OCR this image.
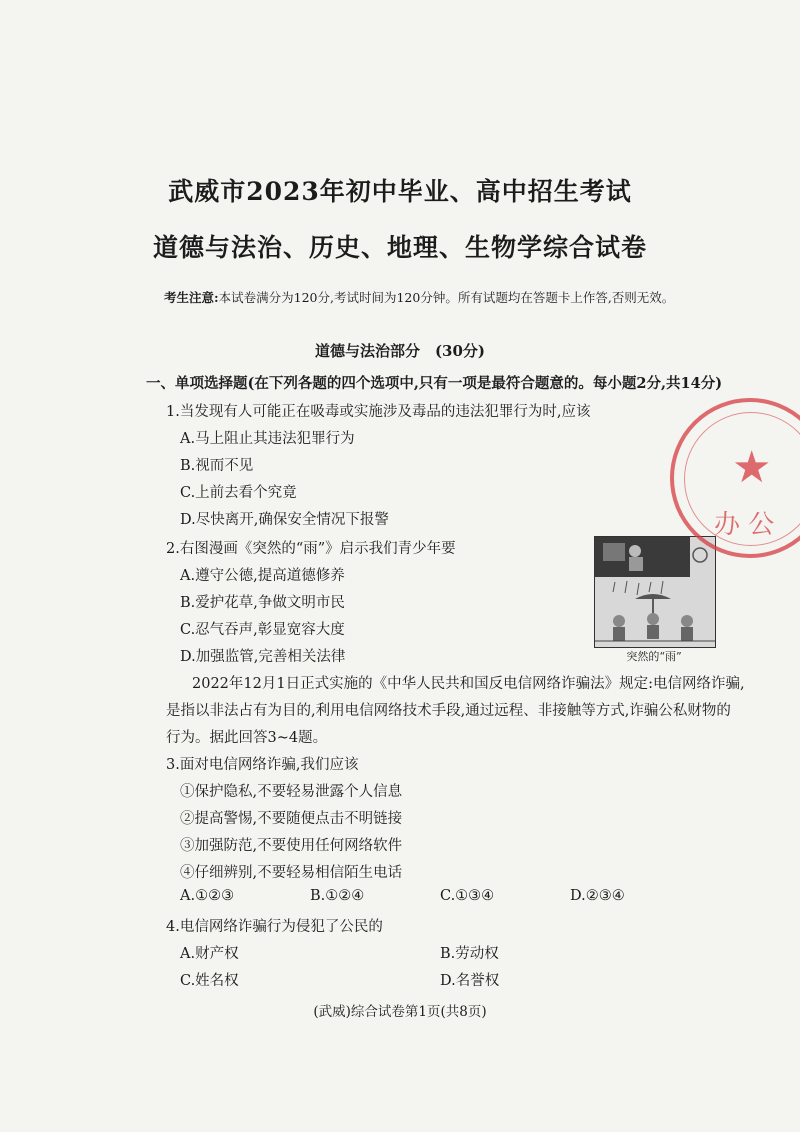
武威市2023年初中毕业、高中招生考试
道德与法治、历史、地理、生物学综合试卷
考生注意:本试卷满分为120分,考试时间为120分钟。所有试题均在答题卡上作答,否则无效。
道德与法治部分　(30分)
一、单项选择题(在下列各题的四个选项中,只有一项是最符合题意的。每小题2分,共14分)
1.当发现有人可能正在吸毒或实施涉及毒品的违法犯罪行为时,应该
A.马上阻止其违法犯罪行为
B.视而不见
C.上前去看个究竟
D.尽快离开,确保安全情况下报警
2.右图漫画《突然的“雨”》启示我们青少年要
A.遵守公德,提高道德修养
B.爱护花草,争做文明市民
C.忍气吞声,彰显宽容大度
D.加强监管,完善相关法律	突然的“雨”
2022年12月1日正式实施的《中华人民共和国反电信网络诈骗法》规定:电信网络诈骗,
是指以非法占有为目的,利用电信网络技术手段,通过远程、非接触等方式,诈骗公私财物的
行为。据此回答3~4题。
3.面对电信网络诈骗,我们应该
①保护隐私,不要轻易泄露个人信息
②提高警惕,不要随便点击不明链接
③加强防范,不要使用任何网络软件
④仔细辨别,不要轻易相信陌生电话
A.①②③	B.①②④	C.①③④	D.②③④
4.电信网络诈骗行为侵犯了公民的
A.财产权	B.劳动权
C.姓名权	D.名誉权
(武威)综合试卷第1页(共8页)
★
办 公
